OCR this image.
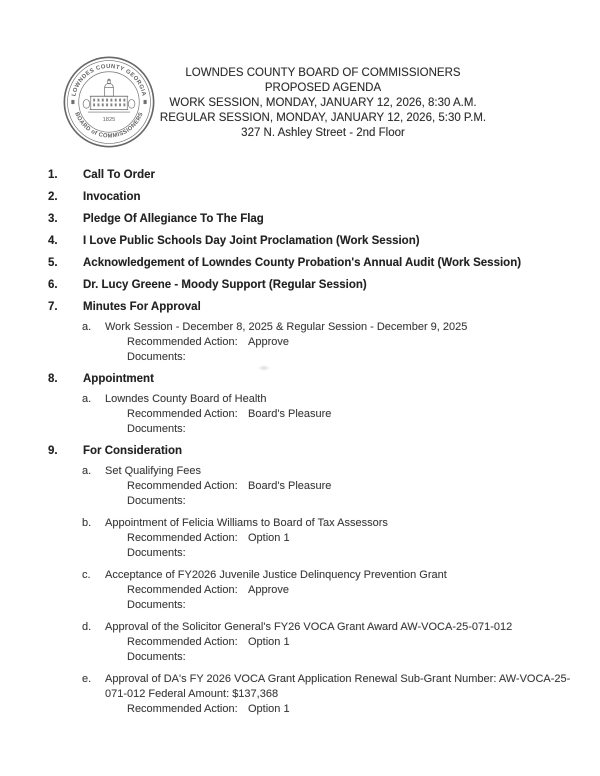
LOWNDES COUNTY GEORGIA
BOARD of COMMISSIONERS
1825
LOWNDES COUNTY BOARD OF COMMISSIONERS
PROPOSED AGENDA
WORK SESSION, MONDAY, JANUARY 12, 2026, 8:30 A.M.
REGULAR SESSION, MONDAY, JANUARY 12, 2026, 5:30 P.M.
327 N. Ashley Street - 2nd Floor
1.	Call To Order
2.	Invocation
3.	Pledge Of Allegiance To The Flag
4.	I Love Public Schools Day Joint Proclamation (Work Session)
5.	Acknowledgement of Lowndes County Probation's Annual Audit (Work Session)
6.	Dr. Lucy Greene - Moody Support (Regular Session)
7.	Minutes For Approval
a.	Work Session - December 8, 2025 & Regular Session - December 9, 2025
Recommended Action: Approve
Documents:
8.	Appointment
a.	Lowndes County Board of Health
Recommended Action: Board's Pleasure
Documents:
9.	For Consideration
a.	Set Qualifying Fees
Recommended Action: Board's Pleasure
Documents:
b.	Appointment of Felicia Williams to Board of Tax Assessors
Recommended Action: Option 1
Documents:
c.	Acceptance of FY2026 Juvenile Justice Delinquency Prevention Grant
Recommended Action: Approve
Documents:
d.	Approval of the Solicitor General's FY26 VOCA Grant Award AW-VOCA-25-071-012
Recommended Action: Option 1
Documents:
e.	Approval of DA's FY 2026 VOCA Grant Application Renewal Sub-Grant Number: AW-VOCA-25-
071-012 Federal Amount: $137,368
Recommended Action: Option 1
